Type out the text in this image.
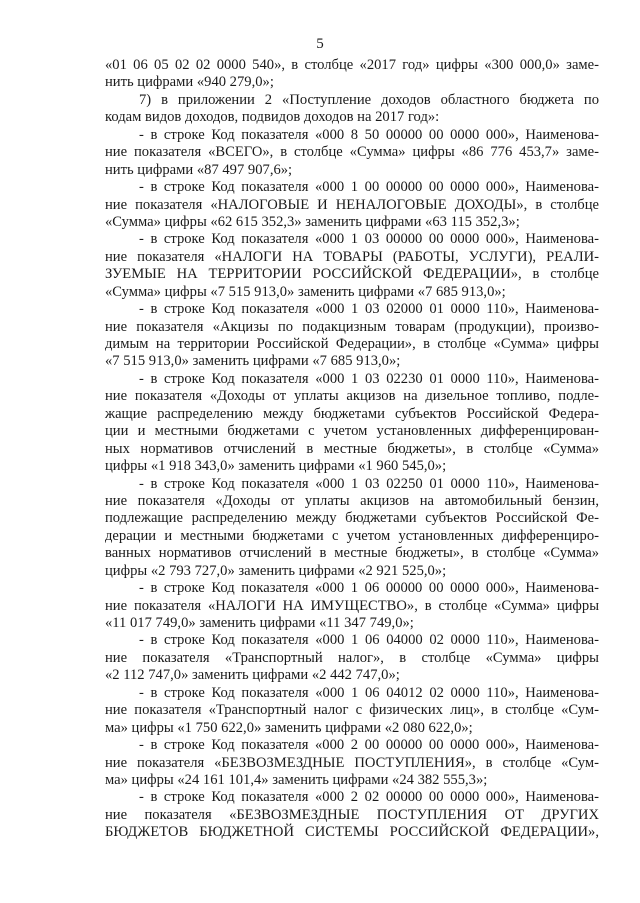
5
«01 06 05 02 02 0000 540», в столбце «2017 год» цифры «300 000,0» заме-
нить цифрами «940 279,0»;
7) в приложении 2 «Поступление доходов областного бюджета по
кодам видов доходов, подвидов доходов на 2017 год»:
- в строке Код показателя «000 8 50 00000 00 0000 000», Наименова-
ние показателя «ВСЕГО», в столбце «Сумма» цифры «86 776 453,7» заме-
нить цифрами «87 497 907,6»;
- в строке Код показателя «000 1 00 00000 00 0000 000», Наименова-
ние показателя «НАЛОГОВЫЕ И НЕНАЛОГОВЫЕ ДОХОДЫ», в столбце
«Сумма» цифры «62 615 352,3» заменить цифрами «63 115 352,3»;
- в строке Код показателя «000 1 03 00000 00 0000 000», Наименова-
ние показателя «НАЛОГИ НА ТОВАРЫ (РАБОТЫ, УСЛУГИ), РЕАЛИ-
ЗУЕМЫЕ НА ТЕРРИТОРИИ РОССИЙСКОЙ ФЕДЕРАЦИИ», в столбце
«Сумма» цифры «7 515 913,0» заменить цифрами «7 685 913,0»;
- в строке Код показателя «000 1 03 02000 01 0000 110», Наименова-
ние показателя «Акцизы по подакцизным товарам (продукции), произво-
димым на территории Российской Федерации», в столбце «Сумма» цифры
«7 515 913,0» заменить цифрами «7 685 913,0»;
- в строке Код показателя «000 1 03 02230 01 0000 110», Наименова-
ние показателя «Доходы от уплаты акцизов на дизельное топливо, подле-
жащие распределению между бюджетами субъектов Российской Федера-
ции и местными бюджетами с учетом установленных дифференцирован-
ных нормативов отчислений в местные бюджеты», в столбце «Сумма»
цифры «1 918 343,0» заменить цифрами «1 960 545,0»;
- в строке Код показателя «000 1 03 02250 01 0000 110», Наименова-
ние показателя «Доходы от уплаты акцизов на автомобильный бензин,
подлежащие распределению между бюджетами субъектов Российской Фе-
дерации и местными бюджетами с учетом установленных дифференциро-
ванных нормативов отчислений в местные бюджеты», в столбце «Сумма»
цифры «2 793 727,0» заменить цифрами «2 921 525,0»;
- в строке Код показателя «000 1 06 00000 00 0000 000», Наименова-
ние показателя «НАЛОГИ НА ИМУЩЕСТВО», в столбце «Сумма» цифры
«11 017 749,0» заменить цифрами «11 347 749,0»;
- в строке Код показателя «000 1 06 04000 02 0000 110», Наименова-
ние показателя «Транспортный налог», в столбце «Сумма» цифры
«2 112 747,0» заменить цифрами «2 442 747,0»;
- в строке Код показателя «000 1 06 04012 02 0000 110», Наименова-
ние показателя «Транспортный налог с физических лиц», в столбце «Сум-
ма» цифры «1 750 622,0» заменить цифрами «2 080 622,0»;
- в строке Код показателя «000 2 00 00000 00 0000 000», Наименова-
ние показателя «БЕЗВОЗМЕЗДНЫЕ ПОСТУПЛЕНИЯ», в столбце «Сум-
ма» цифры «24 161 101,4» заменить цифрами «24 382 555,3»;
- в строке Код показателя «000 2 02 00000 00 0000 000», Наименова-
ние показателя «БЕЗВОЗМЕЗДНЫЕ ПОСТУПЛЕНИЯ ОТ ДРУГИХ
БЮДЖЕТОВ БЮДЖЕТНОЙ СИСТЕМЫ РОССИЙСКОЙ ФЕДЕРАЦИИ»,
